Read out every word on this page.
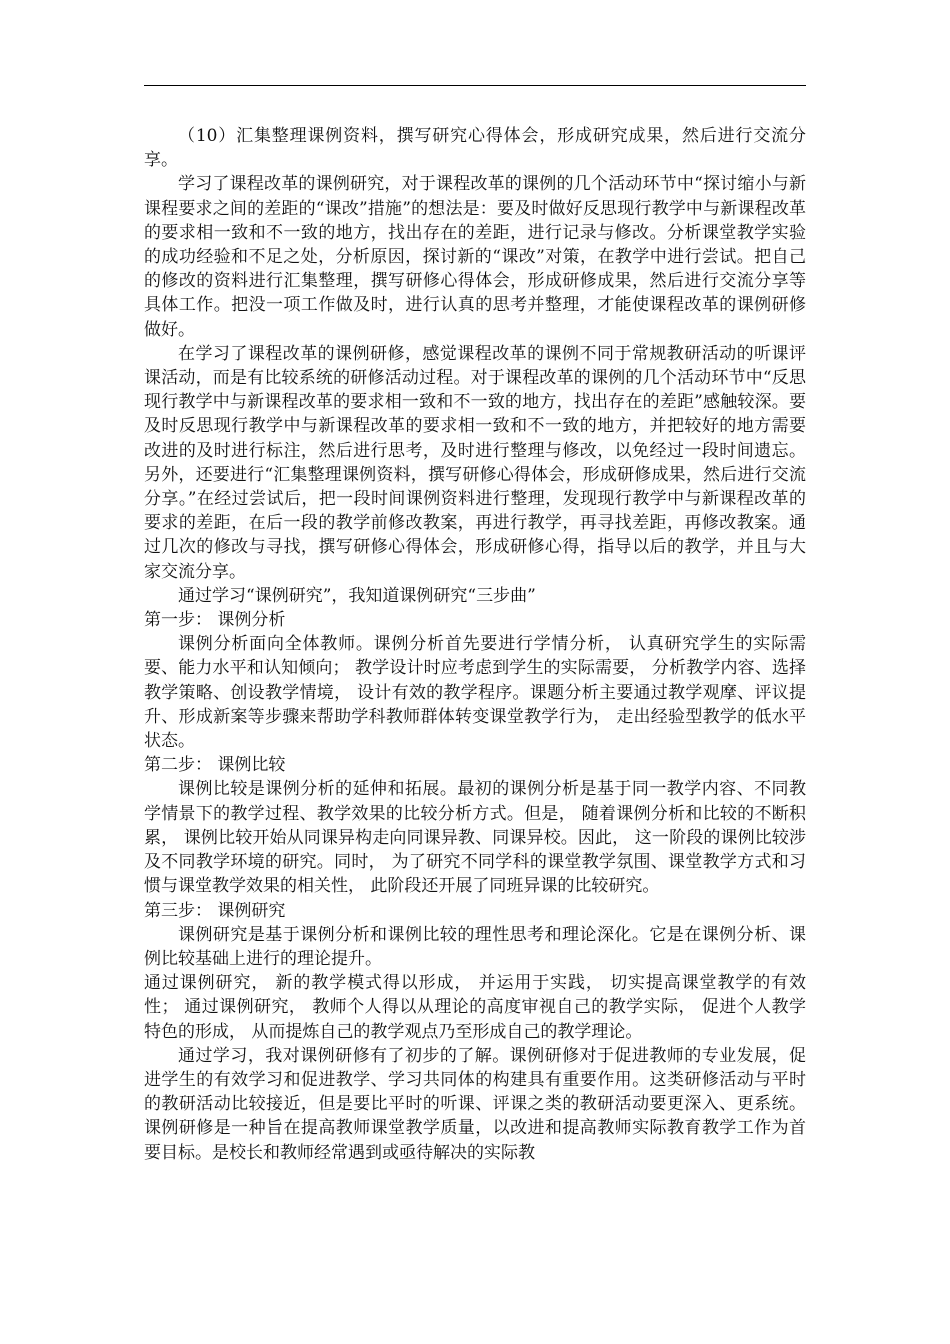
（10）汇集整理课例资料，撰写研究心得体会，形成研究成果，然后进行交流分享。

学习了课程改革的课例研究，对于课程改革的课例的几个活动环节中“探讨缩小与新课程要求之间的差距的“课改”措施”的想法是：要及时做好反思现行教学中与新课程改革的要求相一致和不一致的地方，找出存在的差距，进行记录与修改。分析课堂教学实验的成功经验和不足之处，分析原因，探讨新的“课改”对策，在教学中进行尝试。把自己的修改的资料进行汇集整理，撰写研修心得体会，形成研修成果，然后进行交流分享等具体工作。把没一项工作做及时，进行认真的思考并整理，才能使课程改革的课例研修做好。

在学习了课程改革的课例研修，感觉课程改革的课例不同于常规教研活动的听课评课活动，而是有比较系统的研修活动过程。对于课程改革的课例的几个活动环节中“反思现行教学中与新课程改革的要求相一致和不一致的地方，找出存在的差距”感触较深。要及时反思现行教学中与新课程改革的要求相一致和不一致的地方，并把较好的地方需要改进的及时进行标注，然后进行思考，及时进行整理与修改，以免经过一段时间遗忘。另外，还要进行“汇集整理课例资料，撰写研修心得体会，形成研修成果，然后进行交流分享。”在经过尝试后，把一段时间课例资料进行整理，发现现行教学中与新课程改革的要求的差距，在后一段的教学前修改教案，再进行教学，再寻找差距，再修改教案。通过几次的修改与寻找，撰写研修心得体会，形成研修心得，指导以后的教学，并且与大家交流分享。

通过学习“课例研究”，我知道课例研究“三步曲”

第一步： 课例分析

课例分析面向全体教师。课例分析首先要进行学情分析， 认真研究学生的实际需要、能力水平和认知倾向； 教学设计时应考虑到学生的实际需要， 分析教学内容、选择教学策略、创设教学情境， 设计有效的教学程序。课题分析主要通过教学观摩、评议提升、形成新案等步骤来帮助学科教师群体转变课堂教学行为， 走出经验型教学的低水平状态。

第二步： 课例比较

课例比较是课例分析的延伸和拓展。最初的课例分析是基于同一教学内容、不同教学情景下的教学过程、教学效果的比较分析方式。但是， 随着课例分析和比较的不断积累， 课例比较开始从同课异构走向同课异教、同课异校。因此， 这一阶段的课例比较涉及不同教学环境的研究。同时， 为了研究不同学科的课堂教学氛围、课堂教学方式和习惯与课堂教学效果的相关性， 此阶段还开展了同班异课的比较研究。

第三步： 课例研究

课例研究是基于课例分析和课例比较的理性思考和理论深化。它是在课例分析、课例比较基础上进行的理论提升。

通过课例研究， 新的教学模式得以形成， 并运用于实践， 切实提高课堂教学的有效性； 通过课例研究， 教师个人得以从理论的高度审视自己的教学实际， 促进个人教学特色的形成， 从而提炼自己的教学观点乃至形成自己的教学理论。

通过学习，我对课例研修有了初步的了解。课例研修对于促进教师的专业发展，促进学生的有效学习和促进教学、学习共同体的构建具有重要作用。这类研修活动与平时的教研活动比较接近，但是要比平时的听课、评课之类的教研活动要更深入、更系统。课例研修是一种旨在提高教师课堂教学质量，以改进和提高教师实际教育教学工作为首要目标。是校长和教师经常遇到或亟待解决的实际教
